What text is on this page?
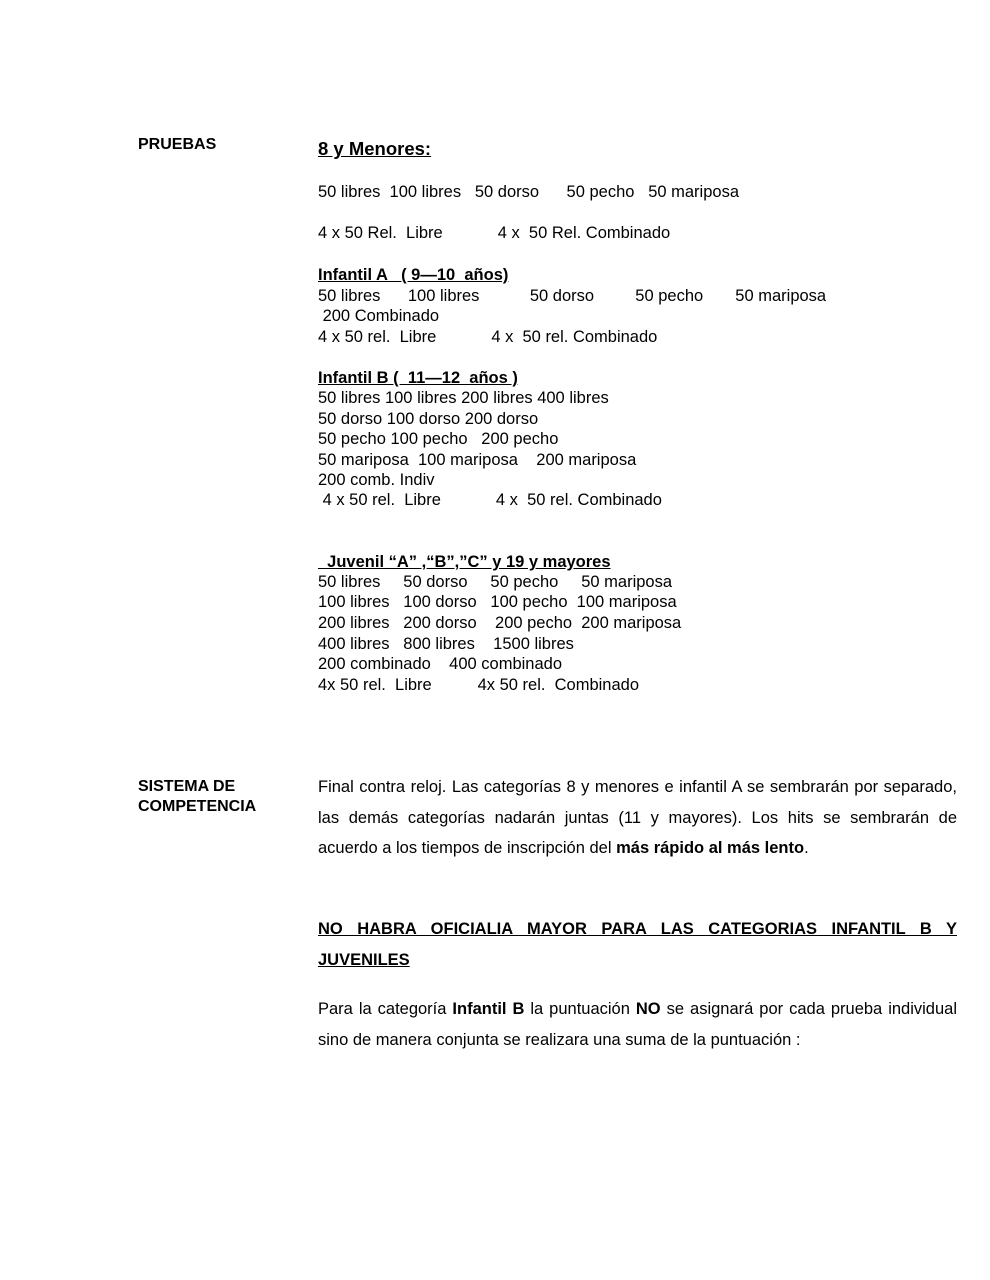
PRUEBAS	8 y Menores:
50 libres  100 libres   50 dorso      50 pecho   50 mariposa
4 x 50 Rel.  Libre            4 x  50 Rel. Combinado
Infantil A   ( 9—10  años)
50 libres      100 libres           50 dorso         50 pecho       50 mariposa
200 Combinado
4 x 50 rel.  Libre            4 x  50 rel. Combinado
Infantil B (  11—12  años )
50 libres 100 libres 200 libres 400 libres
50 dorso 100 dorso 200 dorso
50 pecho 100 pecho   200 pecho
50 mariposa  100 mariposa    200 mariposa
200 comb. Indiv
4 x 50 rel.  Libre            4 x  50 rel. Combinado
Juvenil “A” ,“B”,”C” y 19 y mayores
50 libres     50 dorso     50 pecho     50 mariposa
100 libres   100 dorso   100 pecho  100 mariposa
200 libres   200 dorso    200 pecho  200 mariposa
400 libres   800 libres    1500 libres
200 combinado    400 combinado
4x 50 rel.  Libre          4x 50 rel.  Combinado
SISTEMA DE
COMPETENCIA
Final contra reloj. Las categorías 8 y menores e infantil A se sembrarán por separado, las demás categorías nadarán juntas (11 y mayores). Los hits se sembrarán de acuerdo a los tiempos de inscripción del más rápido al más lento.
NO HABRA OFICIALIA MAYOR PARA LAS CATEGORIAS INFANTIL B Y JUVENILES
Para la categoría Infantil B la puntuación NO se asignará por cada prueba individual sino de manera conjunta se realizara una suma de la puntuación :
